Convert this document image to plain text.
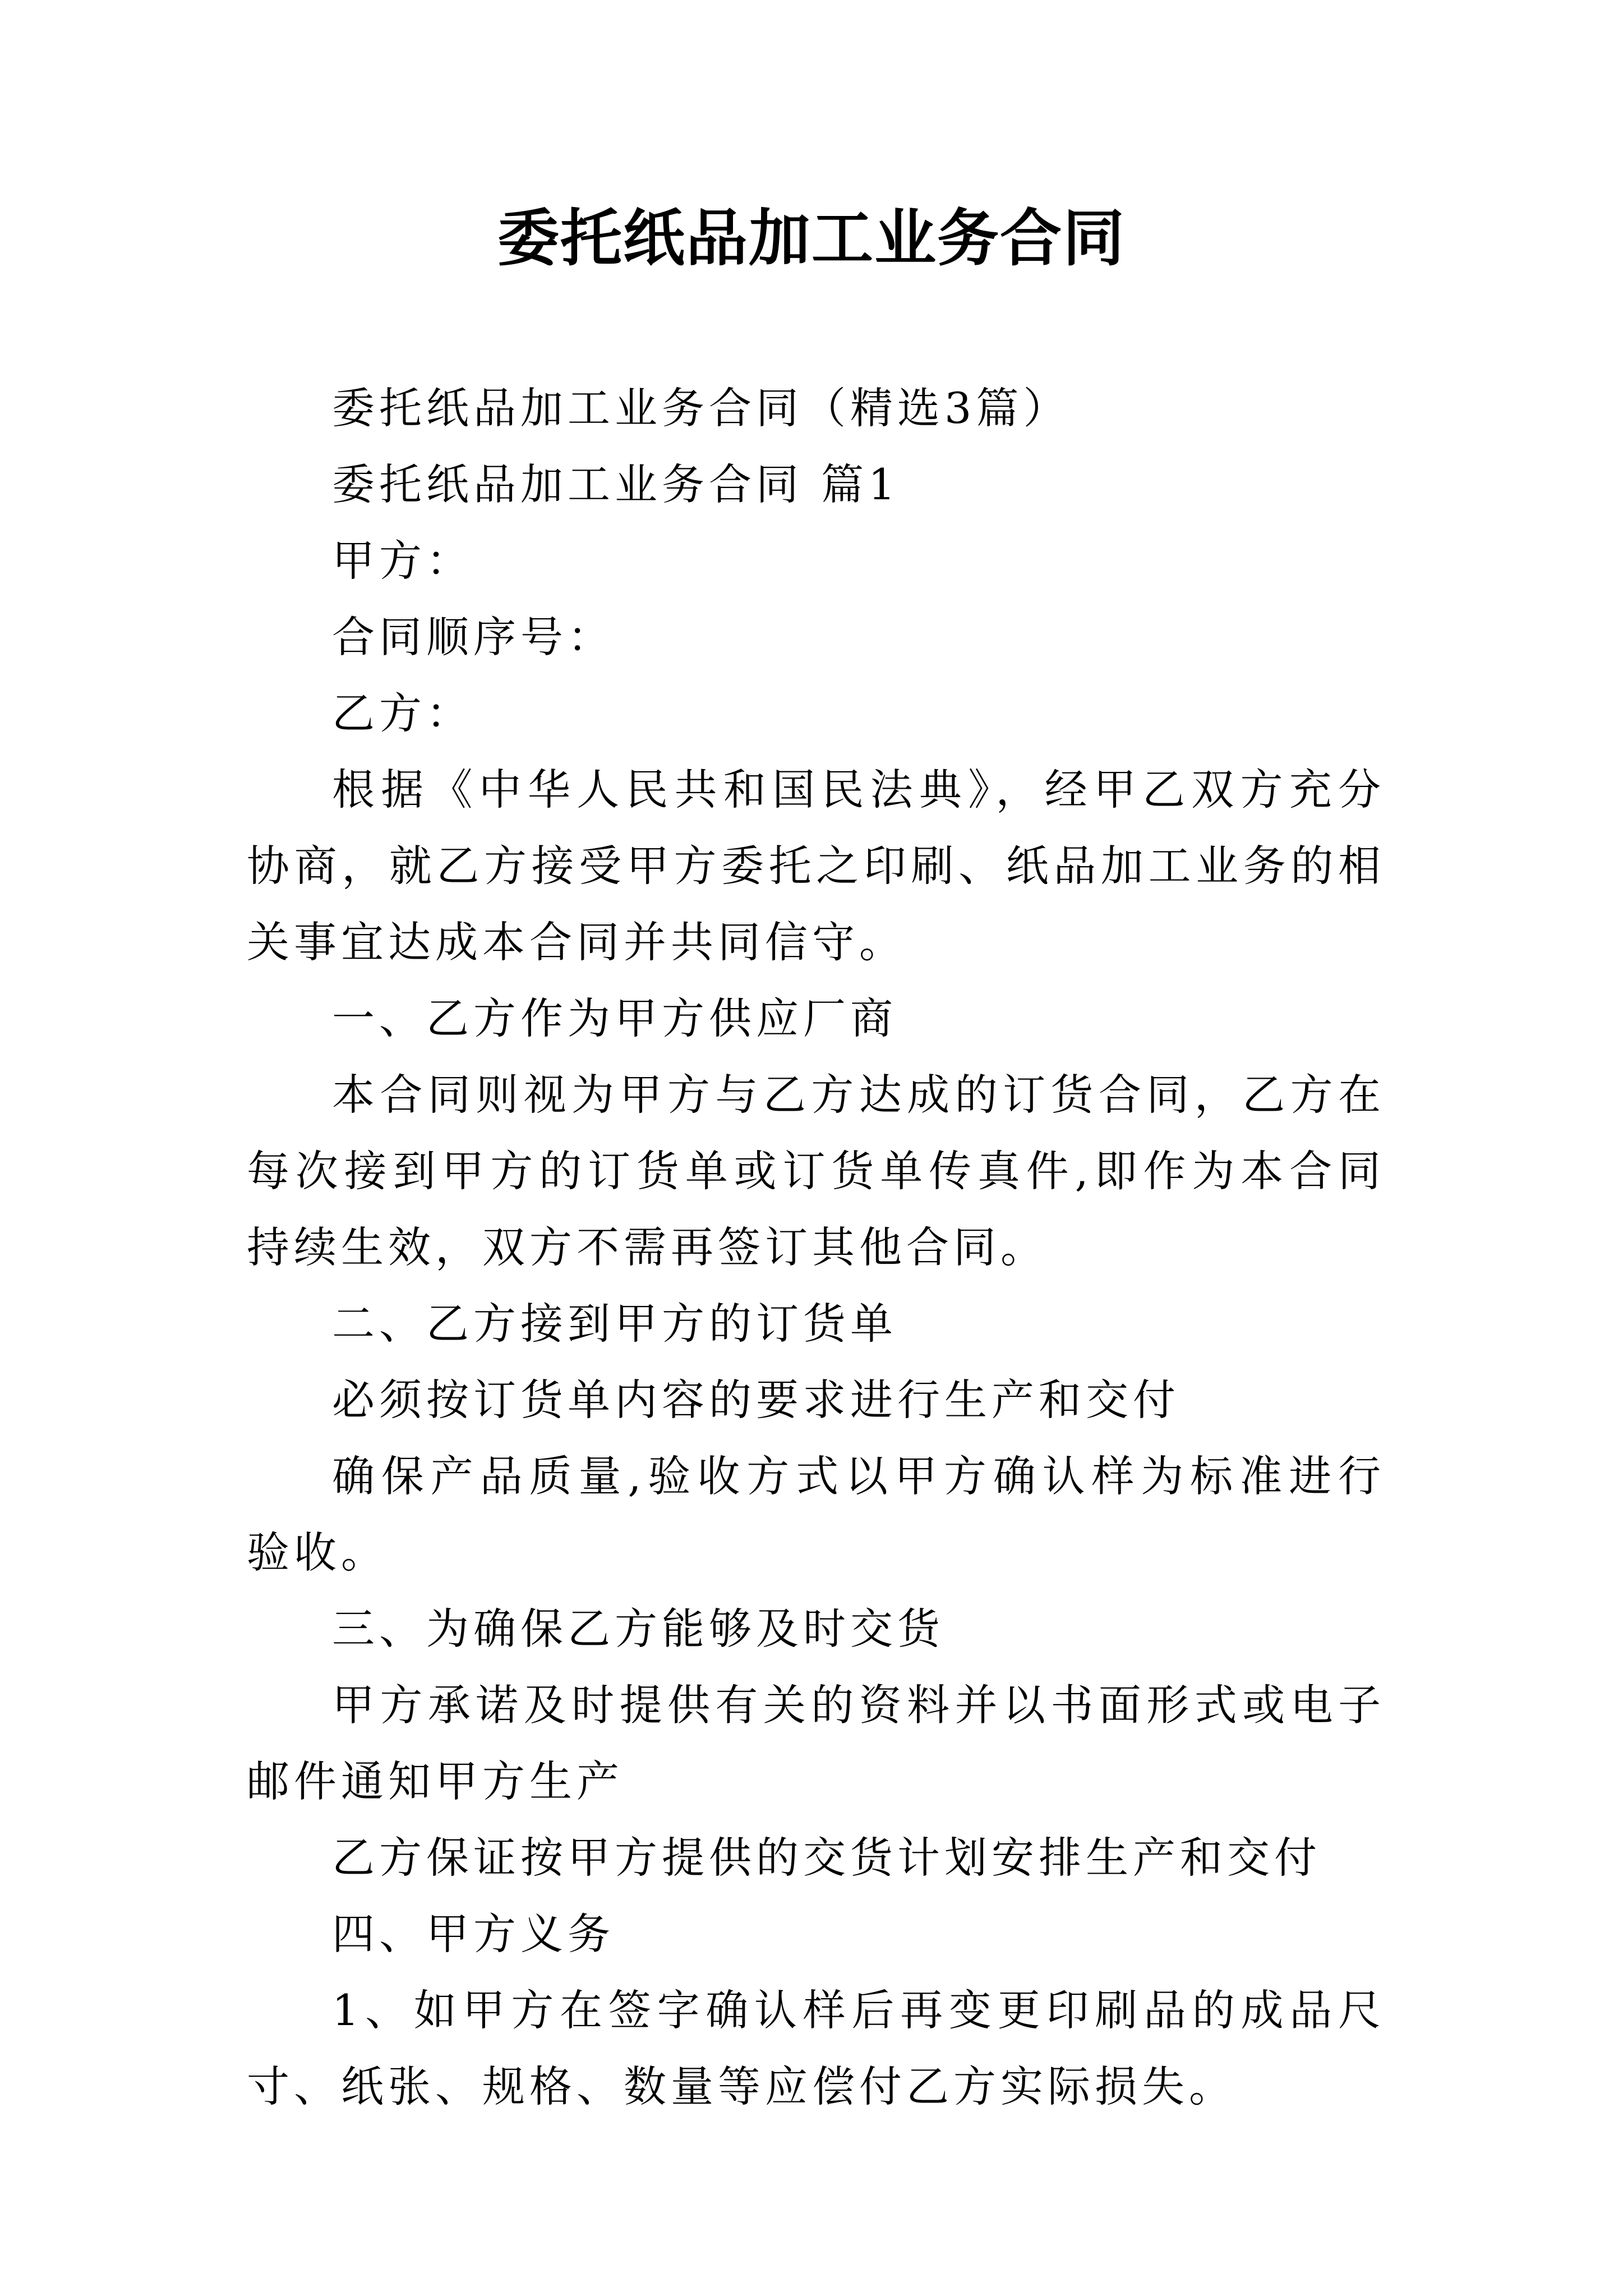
委托纸品加工业务合同

委托纸品加工业务合同（精选3篇）

委托纸品加工业务合同 篇1

甲方：

合同顺序号：

乙方：

根据《中华人民共和国民法典》，经甲乙双方充分协商，就乙方接受甲方委托之印刷、纸品加工业务的相关事宜达成本合同并共同信守。

一、乙方作为甲方供应厂商

本合同则视为甲方与乙方达成的订货合同，乙方在每次接到甲方的订货单或订货单传真件,即作为本合同持续生效，双方不需再签订其他合同。

二、乙方接到甲方的订货单

必须按订货单内容的要求进行生产和交付

确保产品质量,验收方式以甲方确认样为标准进行验收。

三、为确保乙方能够及时交货

甲方承诺及时提供有关的资料并以书面形式或电子邮件通知甲方生产

乙方保证按甲方提供的交货计划安排生产和交付

四、甲方义务

1、如甲方在签字确认样后再变更印刷品的成品尺寸、纸张、规格、数量等应偿付乙方实际损失。
